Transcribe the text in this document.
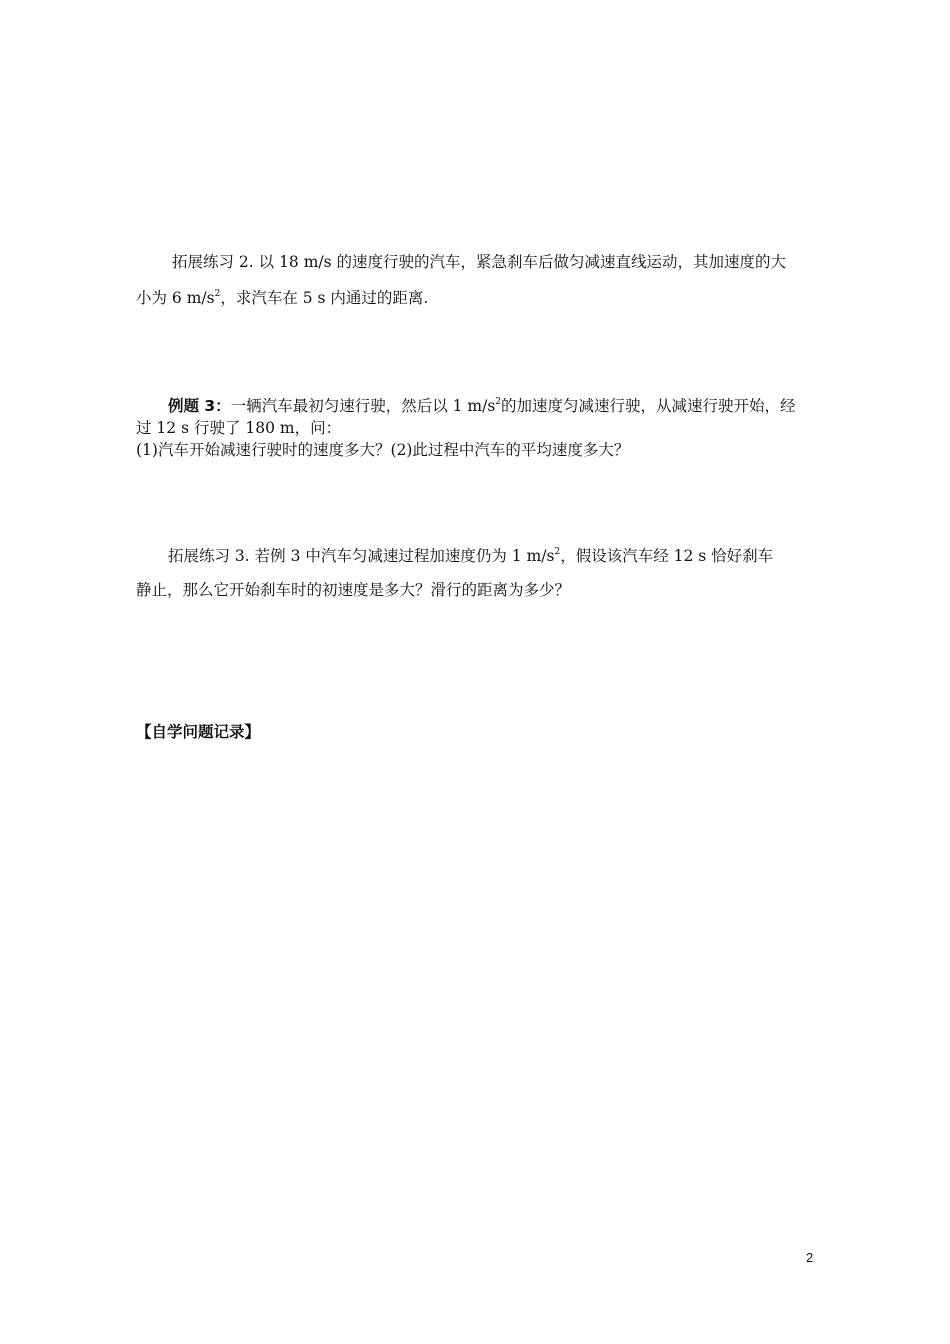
拓展练习 2. 以 18 m/s 的速度行驶的汽车，紧急刹车后做匀减速直线运动，其加速度的大
小为 6 $m/s^2$，求汽车在 5 s 内通过的距离.
例题 3：一辆汽车最初匀速行驶，然后以 1 $m/s^2$的加速度匀减速行驶，从减速行驶开始，经
过 12 s 行驶了 180 m，问：
(1)汽车开始减速行驶时的速度多大？(2)此过程中汽车的平均速度多大？
拓展练习 3. 若例 3 中汽车匀减速过程加速度仍为 1 $m/s^2$，假设该汽车经 12 s 恰好刹车
静止，那么它开始刹车时的初速度是多大？滑行的距离为多少？
【自学问题记录】
2
